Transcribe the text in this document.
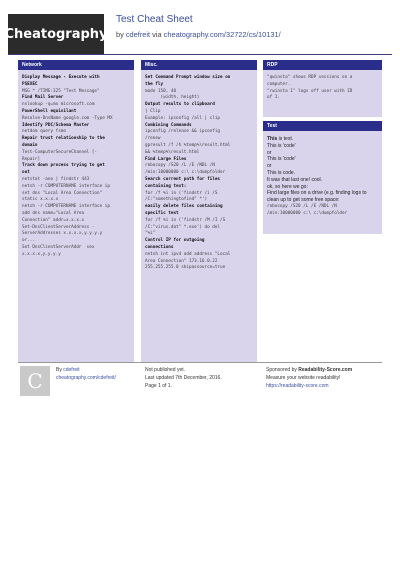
Cheatography
Test Cheat Sheet
by cdefreit via cheatography.com/32722/cs/10131/
Network
Display Message - Execute with
PSEXEC
MSG * /TIME:325 "Test Message"
Find Mail Server
nslookup -q=mx microsoft.com
PowerShell equivilant
Resolve-DnsName google.com -Type MX
Identify PDC/Schema Master
netdom query fsmo
Repair trust relationship to the
domain
Test-ComputerSecureChannel [-
Repair]
Track down process trying to get
out
netstat -ano | findstr 443
netsh -r COMPUTERNAME interface ip
set dns "Local Area Connection"
static x.x.x.x
netsh -r COMPUTERNAME interface ip
add dns name="Local Area
Connection" addr=x.x.x.x
Set-DnsClientServerAddress -
ServerAddresses x.x.x.x,y.y.y.y
or...
Set DnsClientServerAddr  sex
x.x.x.x,y.y.y.y
Misc.
Set Command Prompt window size on
the fly
mode 150, 40
(width, height)
Output results to clipboard
| Clip
Example: ipconfig /all | clip
Combining Commands
ipconfig /release && ipconfig
/renew
gpresult /f /h %temp%\result.html
&& %temp%\result.html
Find Large Files
robocopy /S20 /L /E /NDL /N
/min:10000000 c:\ c:\dumpfolder
Search current path for files
containing text:
for /f %i in ('findstr /i /S
/C:"somethingtofind" *')
easily delete files containing
specific text
for /f %i in ('findstr /M /I /S
/C:"virus.dat" *.exe') do del
"%i"
Control IP for outgoing
connections
netsh int ipv4 add address "Local
Area Connection" 173.16.0.22
255.255.255.0 skipassource=true
RDP
"qwinsta" shows RDP sessions on a
computer.
"rwinsta 1" logs off user with ID
of 1.
Test
This is text.
This is 'code'
or
This is 'code'
or
This is code.
It was that last one! cool.
ok, so here we go:
Find large files on a drive (e.g. finding logs to
clean up to get some free space:
robocopy /S20 /L /E /NDL /N
/min:10000000 c:\ c:\dumpfolder
C	By cdefreit
cheatography.com/cdefreit/
Not published yet.
Last updated 7th December, 2016.
Page 1 of 1.
Sponsored by Readability-Score.com
Measure your website readability!
https://readability-score.com
